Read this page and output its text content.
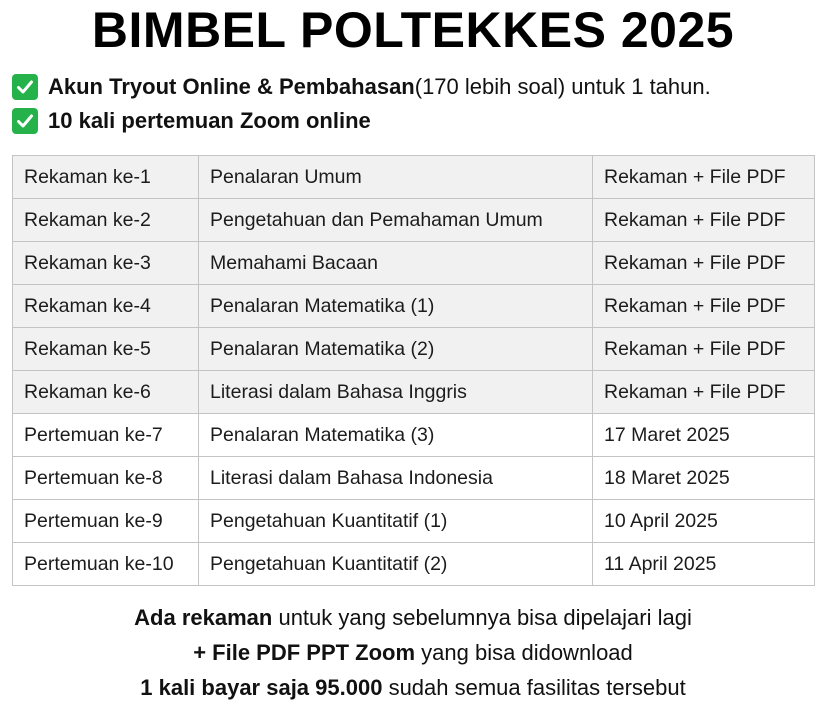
BIMBEL POLTEKKES 2025
Akun Tryout Online & Pembahasan (170 lebih soal) untuk 1 tahun.
10 kali pertemuan Zoom online
Rekaman ke-1	Penalaran Umum	Rekaman + File PDF
Rekaman ke-2	Pengetahuan dan Pemahaman Umum	Rekaman + File PDF
Rekaman ke-3	Memahami Bacaan	Rekaman + File PDF
Rekaman ke-4	Penalaran Matematika (1)	Rekaman + File PDF
Rekaman ke-5	Penalaran Matematika (2)	Rekaman + File PDF
Rekaman ke-6	Literasi dalam Bahasa Inggris	Rekaman + File PDF
Pertemuan ke-7	Penalaran Matematika (3)	17 Maret 2025
Pertemuan ke-8	Literasi dalam Bahasa Indonesia	18 Maret 2025
Pertemuan ke-9	Pengetahuan Kuantitatif (1)	10 April 2025
Pertemuan ke-10	Pengetahuan Kuantitatif (2)	11 April 2025
Ada rekaman untuk yang sebelumnya bisa dipelajari lagi
+ File PDF PPT Zoom yang bisa didownload
1 kali bayar saja 95.000 sudah semua fasilitas tersebut
